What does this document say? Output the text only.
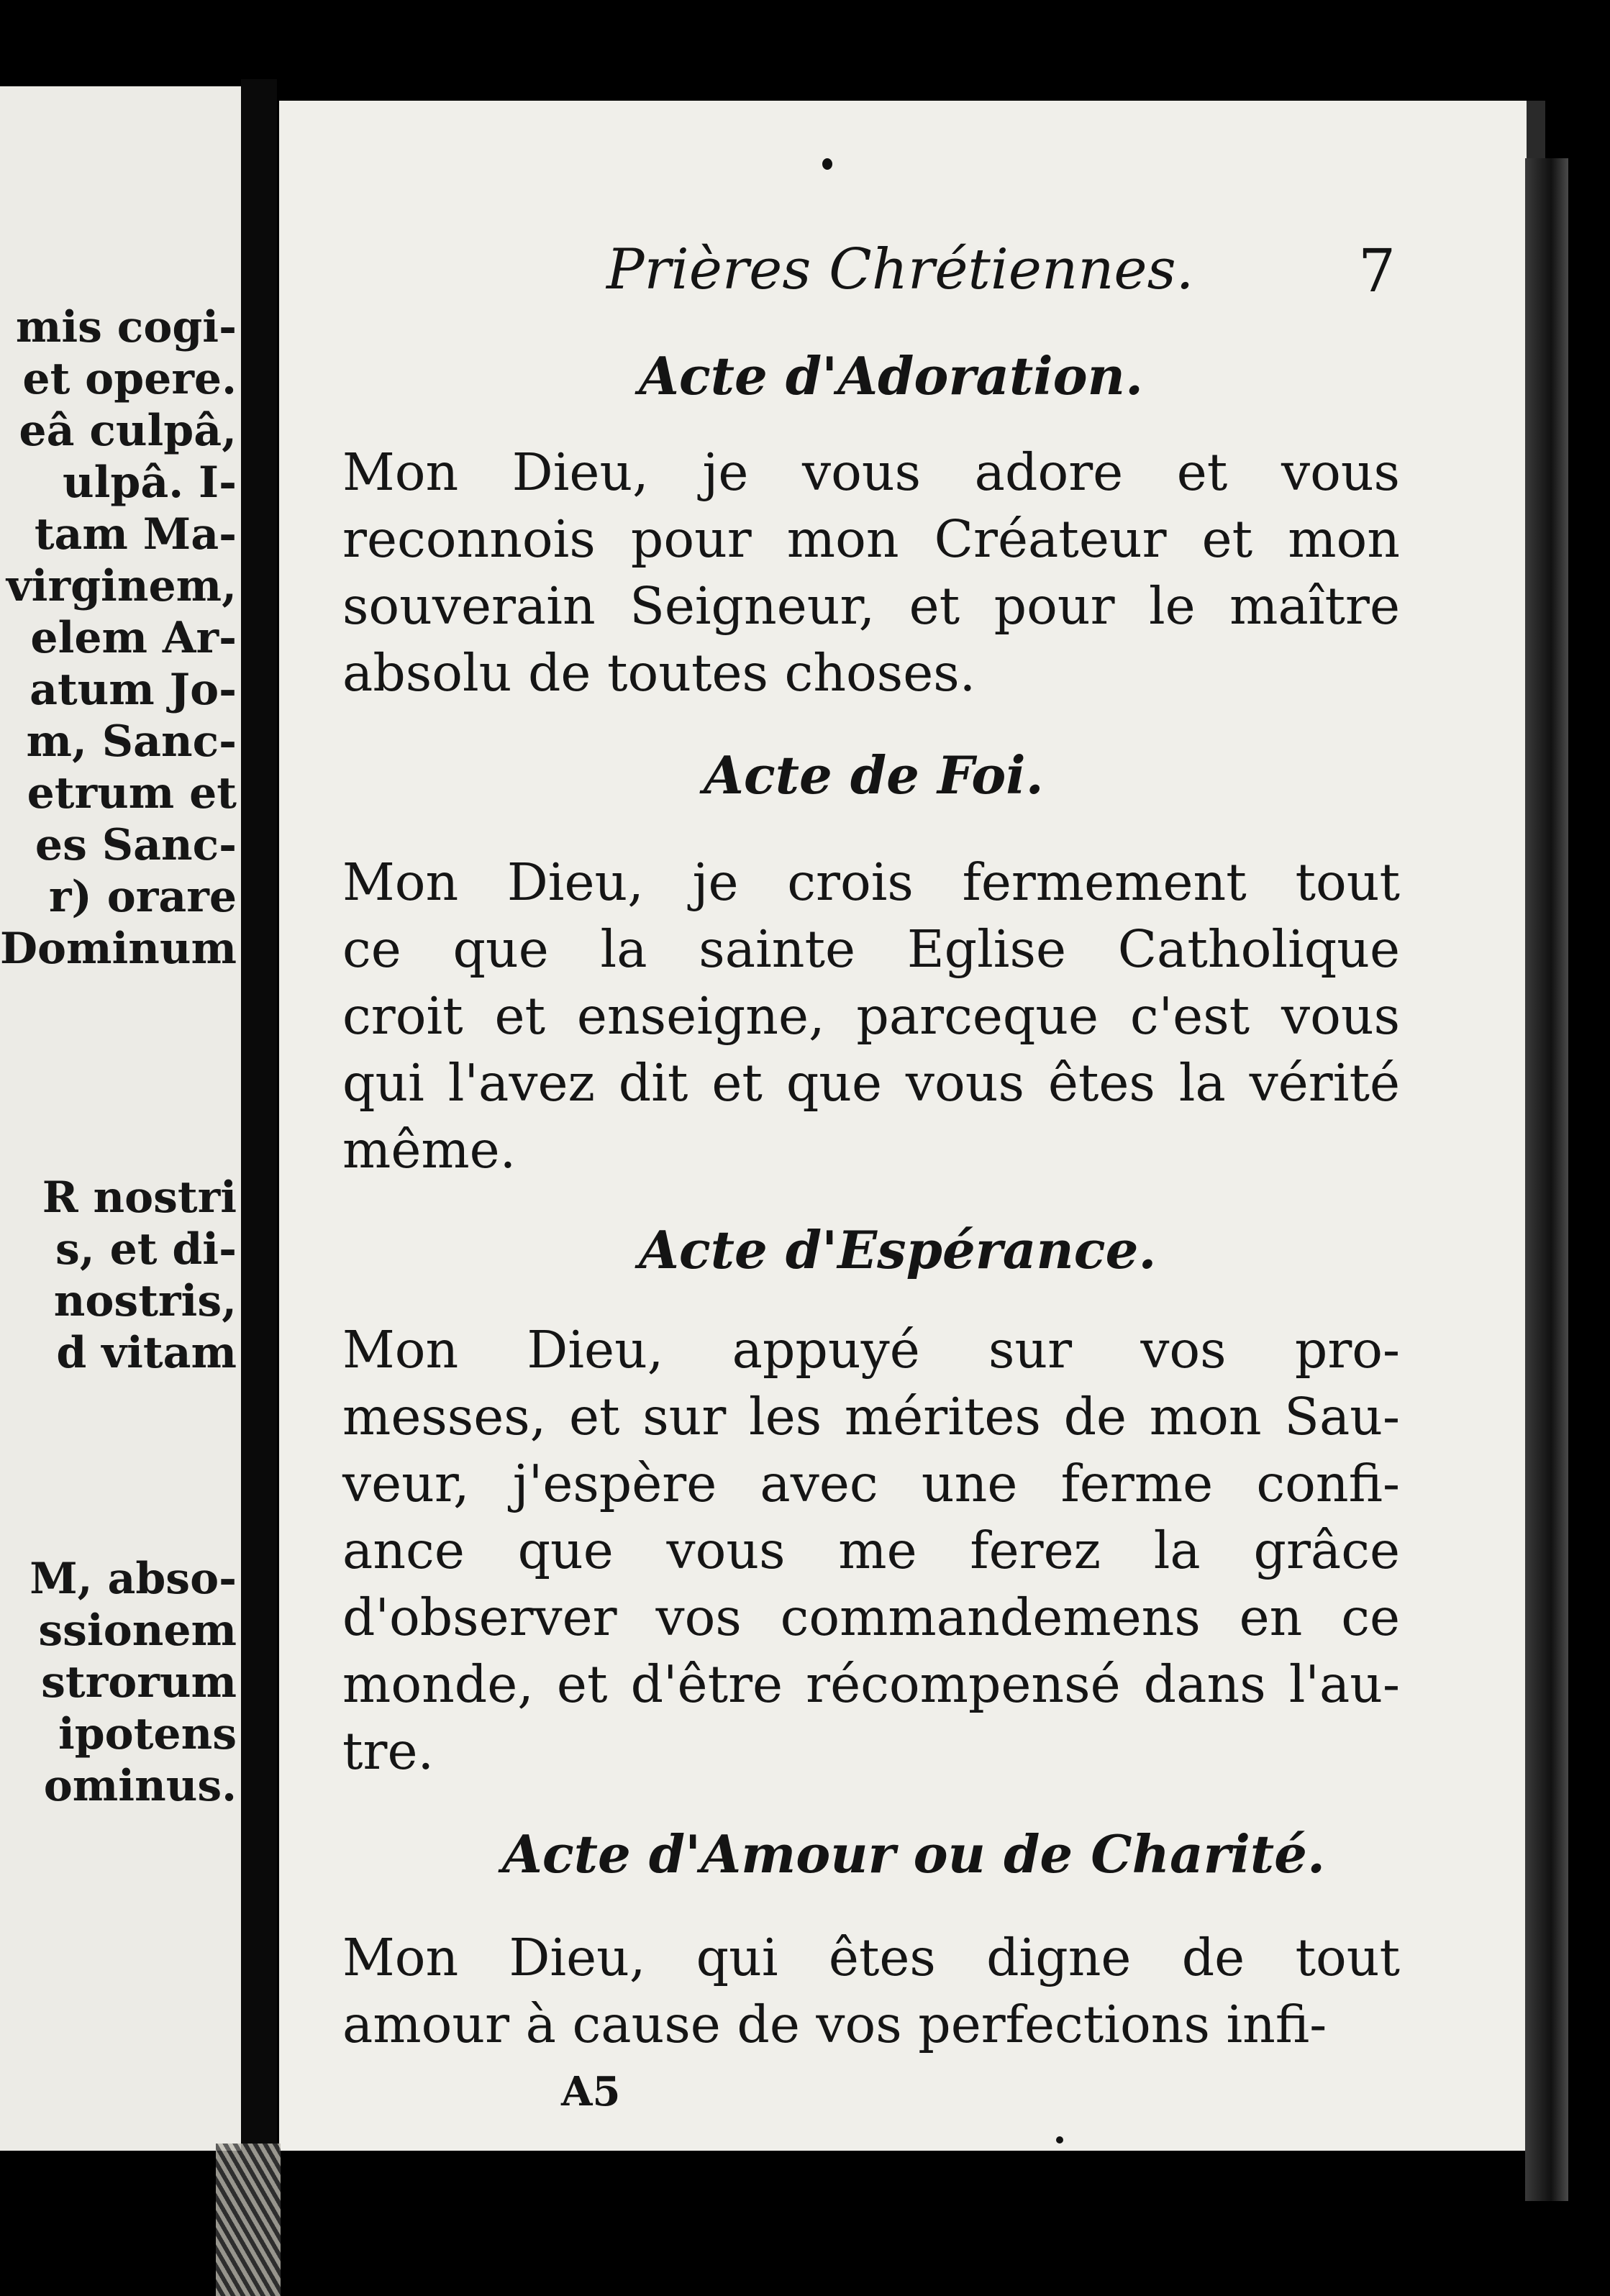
mis cogi-
et opere.
eâ culpâ,
ulpâ. I-
tam Ma-
virginem,
elem Ar-
atum Jo-
m, Sanc-
etrum et
es Sanc-
r) orare
Dominum
R nostri
s, et di-
nostris,
d vitam
M, abso-
ssionem
strorum
ipotens
ominus.
Prières Chrétiennes.	7
Acte d'Adoration.
Mon Dieu, je vous adore et vous
reconnois pour mon Créateur et mon
souverain Seigneur, et pour le maître
absolu de toutes choses.
Acte de Foi.
Mon Dieu, je crois fermement tout
ce que la sainte Eglise Catholique
croit et enseigne, parceque c'est vous
qui l'avez dit et que vous êtes la vérité
même.
Acte d'Espérance.
Mon Dieu, appuyé sur vos pro-
messes, et sur les mérites de mon Sau-
veur, j'espère avec une ferme confi-
ance que vous me ferez la grâce
d'observer vos commandemens en ce
monde, et d'être récompensé dans l'au-
tre.
Acte d'Amour ou de Charité.
Mon Dieu, qui êtes digne de tout
amour à cause de vos perfections infi-
A5
